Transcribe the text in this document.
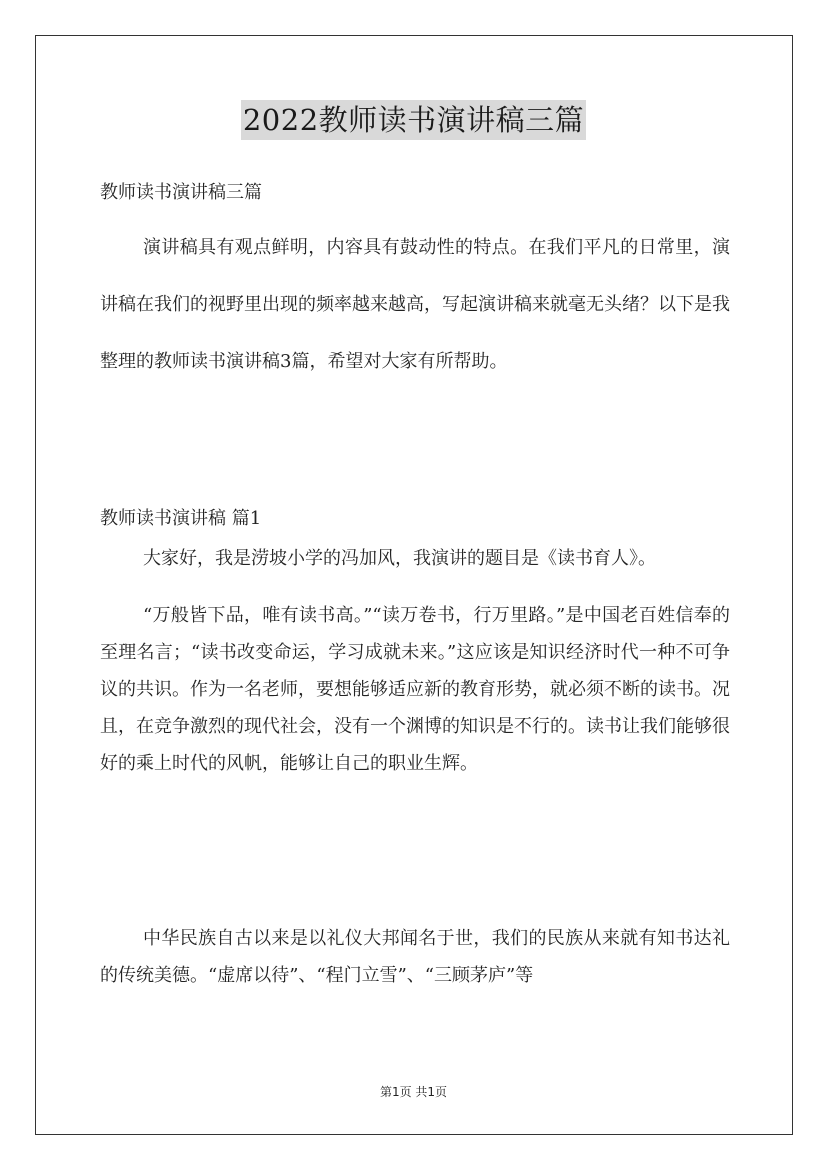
2022教师读书演讲稿三篇
教师读书演讲稿三篇

演讲稿具有观点鲜明，内容具有鼓动性的特点。在我们平凡的日常里，演讲稿在我们的视野里出现的频率越来越高，写起演讲稿来就毫无头绪？以下是我整理的教师读书演讲稿3篇，希望对大家有所帮助。

教师读书演讲稿 篇1

大家好，我是涝坡小学的冯加风，我演讲的题目是《读书育人》。

“万般皆下品，唯有读书高。”“读万卷书，行万里路。”是中国老百姓信奉的至理名言；“读书改变命运，学习成就未来。”这应该是知识经济时代一种不可争议的共识。作为一名老师，要想能够适应新的教育形势，就必须不断的读书。况且，在竞争激烈的现代社会，没有一个渊博的知识是不行的。读书让我们能够很好的乘上时代的风帆，能够让自己的职业生辉。

中华民族自古以来是以礼仪大邦闻名于世，我们的民族从来就有知书达礼的传统美德。“虚席以待”、“程门立雪”、“三顾茅庐”等

第1页 共1页
